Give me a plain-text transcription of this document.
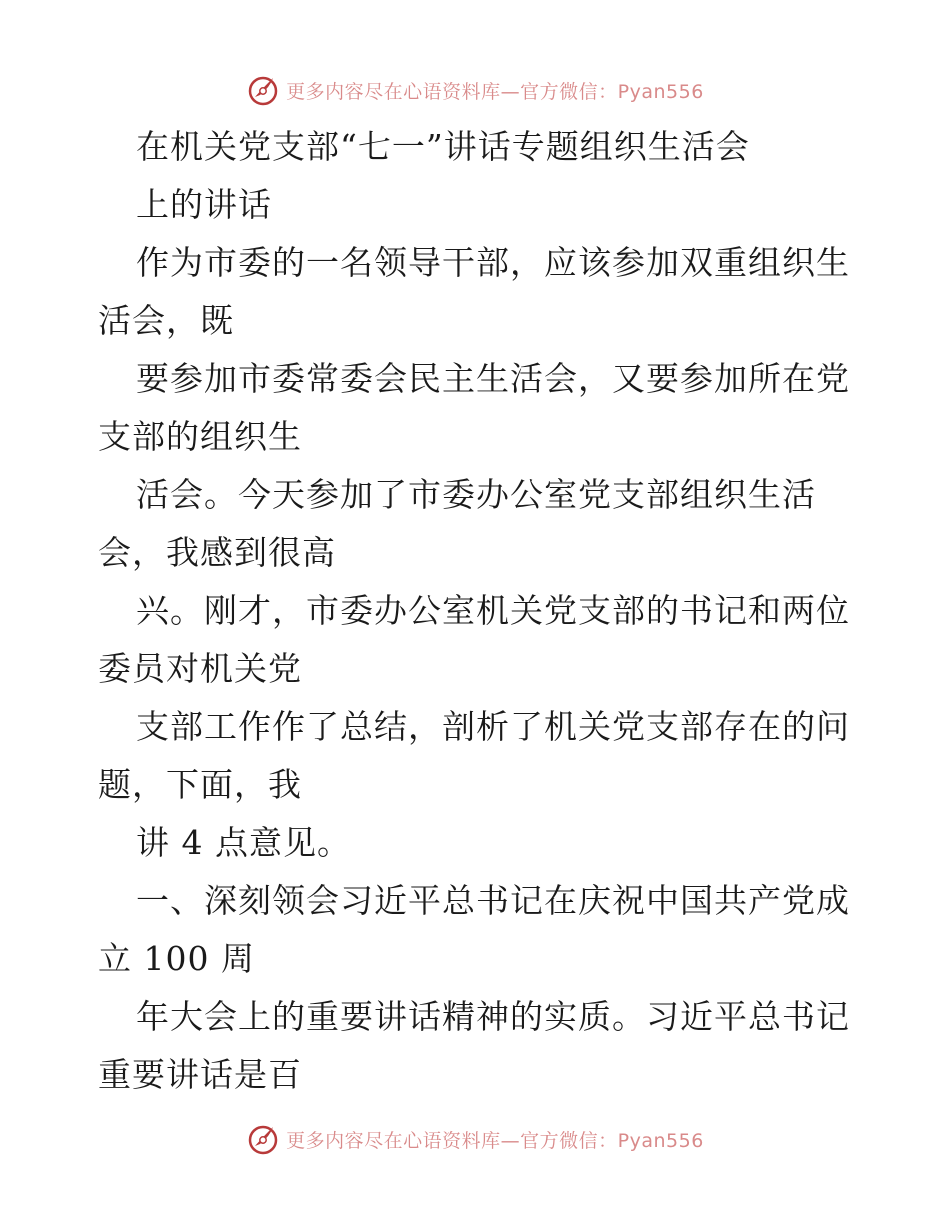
更多内容尽在心语资料库—官方微信：Pyan556
在机关党支部“七一”讲话专题组织生活会
上的讲话
作为市委的一名领导干部，应该参加双重组织生
活会，既
要参加市委常委会民主生活会，又要参加所在党
支部的组织生
活会。今天参加了市委办公室党支部组织生活
会，我感到很高
兴。刚才，市委办公室机关党支部的书记和两位
委员对机关党
支部工作作了总结，剖析了机关党支部存在的问
题，下面，我
讲 4 点意见。
一、深刻领会习近平总书记在庆祝中国共产党成
立 100 周
年大会上的重要讲话精神的实质。习近平总书记
重要讲话是百
更多内容尽在心语资料库—官方微信：Pyan556
